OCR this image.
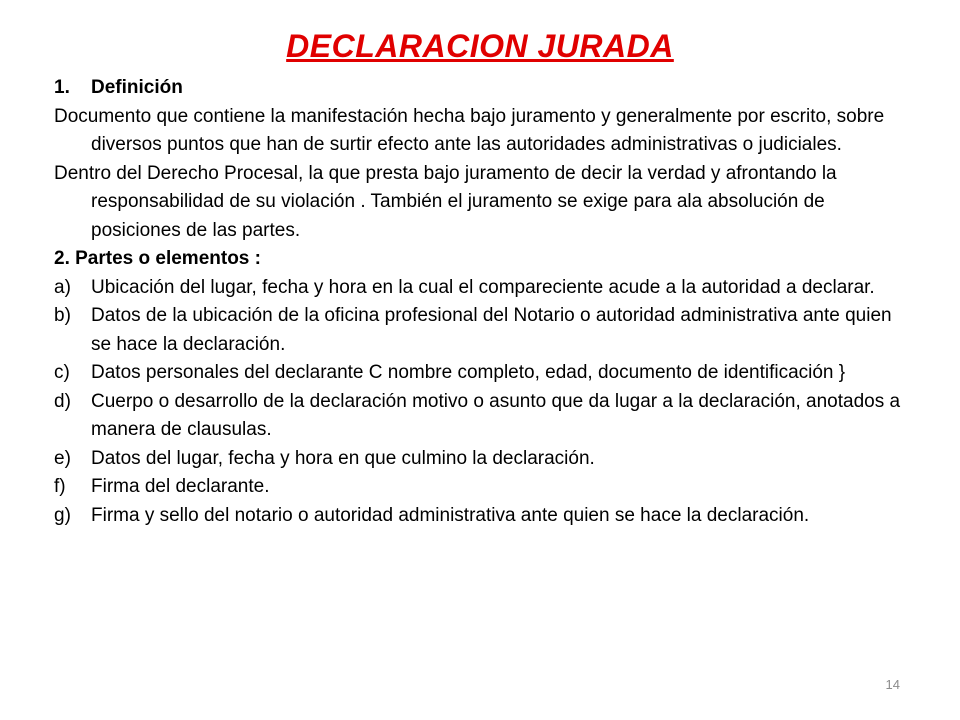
DECLARACION JURADA
1.	Definición
Documento que contiene la manifestación hecha bajo juramento y generalmente por escrito, sobre diversos puntos que han de surtir efecto ante las autoridades administrativas o judiciales.
Dentro del Derecho Procesal, la que presta bajo juramento de decir la verdad y afrontando la responsabilidad de su violación . También el juramento se exige para ala absolución de posiciones de las partes.
2. Partes o elementos :
a)	Ubicación del lugar, fecha y hora en la cual el compareciente acude a la autoridad a declarar.
b)	Datos de la ubicación de la oficina profesional del Notario o autoridad administrativa ante quien se hace la declaración.
c)	Datos personales del declarante C nombre completo, edad, documento de identificación }
d)	Cuerpo o desarrollo de la declaración motivo o asunto que da lugar a la declaración, anotados a manera de clausulas.
e)	Datos del lugar, fecha y hora en que culmino la declaración.
f)	Firma del declarante.
g)	Firma y sello del notario o autoridad administrativa ante quien se hace la declaración.
14
